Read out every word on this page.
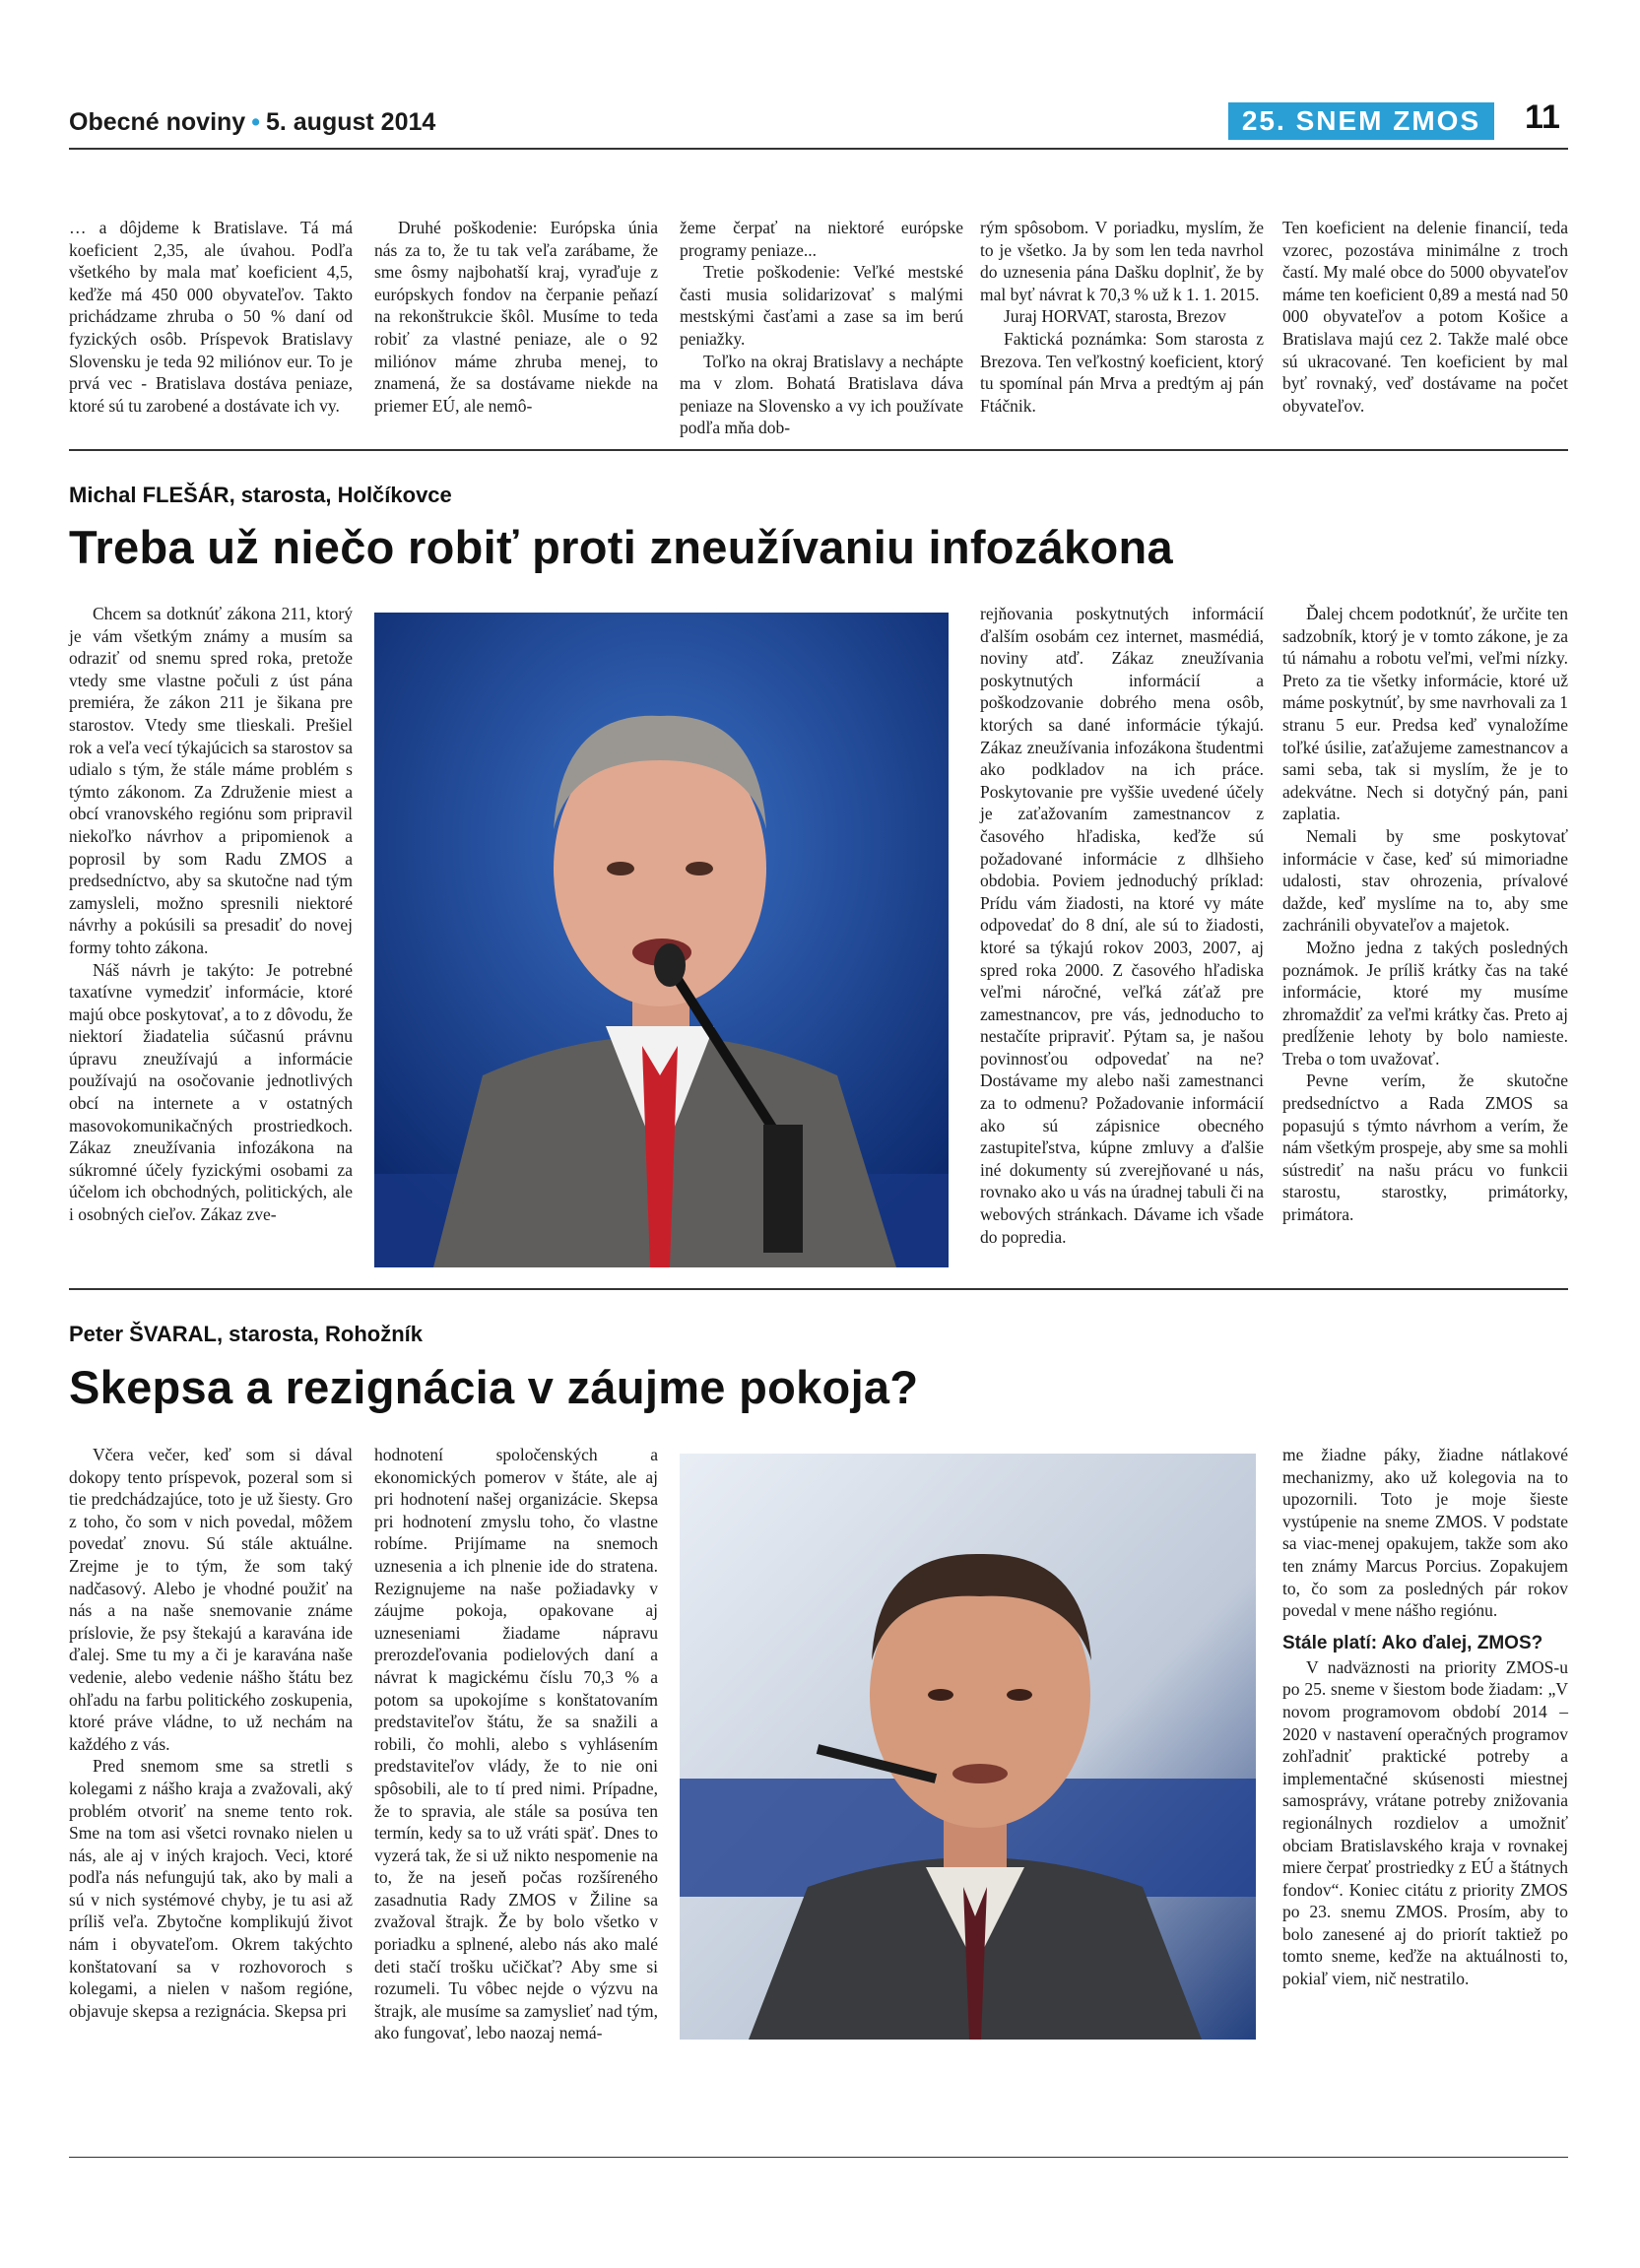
Obecné noviny • 5. august 2014	25. SNEM ZMOS	11

… a dôjdeme k Bratislave. Tá má koeficient 2,35, ale úvahou. Podľa všetkého by mala mať koeficient 4,5, keďže má 450 000 obyvateľov. Takto prichádzame zhruba o 50 % daní od fyzických osôb. Príspevok Bratislavy Slovensku je teda 92 miliónov eur. To je prvá vec - Bratislava dostáva peniaze, ktoré sú tu zarobené a dostávate ich vy.

Druhé poškodenie: Európska únia nás za to, že tu tak veľa zarábame, že sme ôsmy najbohatší kraj, vyraďuje z európskych fondov na čerpanie peňazí na rekonštrukcie škôl. Musíme to teda robiť za vlastné peniaze, ale o 92 miliónov máme zhruba menej, to znamená, že sa dostávame niekde na priemer EÚ, ale nemô-

žeme čerpať na niektoré európske programy peniaze...

Tretie poškodenie: Veľké mestské časti musia solidarizovať s malými mestskými časťami a zase sa im berú peniažky.

Toľko na okraj Bratislavy a nechápte ma v zlom. Bohatá Bratislava dáva peniaze na Slovensko a vy ich používate podľa mňa dob-

rým spôsobom. V poriadku, myslím, že to je všetko. Ja by som len teda navrhol do uznesenia pána Dašku doplniť, že by mal byť návrat k 70,3 % už k 1. 1. 2015.

Juraj HORVAT, starosta, Brezov

Faktická poznámka: Som starosta z Brezova. Ten veľkostný koeficient, ktorý tu spomínal pán Mrva a predtým aj pán Ftáčnik.

Ten koeficient na delenie financií, teda vzorec, pozostáva minimálne z troch častí. My malé obce do 5000 obyvateľov máme ten koeficient 0,89 a mestá nad 50 000 obyvateľov a potom Košice a Bratislava majú cez 2. Takže malé obce sú ukracované. Ten koeficient by mal byť rovnaký, veď dostávame na počet obyvateľov.

Michal FLEŠÁR, starosta, Holčíkovce
Treba už niečo robiť proti zneužívaniu infozákona

Chcem sa dotknúť zákona 211, ktorý je vám všetkým známy a musím sa odraziť od snemu spred roka, pretože vtedy sme vlastne počuli z úst pána premiéra, že zákon 211 je šikana pre starostov. Vtedy sme tlieskali. Prešiel rok a veľa vecí týkajúcich sa starostov sa udialo s tým, že stále máme problém s týmto zákonom. Za Združenie miest a obcí vranovského regiónu som pripravil niekoľko návrhov a pripomienok a poprosil by som Radu ZMOS a predsedníctvo, aby sa skutočne nad tým zamysleli, možno spresnili niektoré návrhy a pokúsili sa presadiť do novej formy tohto zákona.

Náš návrh je takýto: Je potrebné taxatívne vymedziť informácie, ktoré majú obce poskytovať, a to z dôvodu, že niektorí žiadatelia súčasnú právnu úpravu zneužívajú a informácie používajú na osočovanie jednotlivých obcí na internete a v ostatných masovokomunikačných prostriedkoch. Zákaz zneužívania infozákona na súkromné účely fyzickými osobami za účelom ich obchodných, politických, ale i osobných cieľov. Zákaz zve-

rejňovania poskytnutých informácií ďalším osobám cez internet, masmédiá, noviny atď. Zákaz zneužívania poskytnutých informácií a poškodzovanie dobrého mena osôb, ktorých sa dané informácie týkajú. Zákaz zneužívania infozákona študentmi ako podkladov na ich práce. Poskytovanie pre vyššie uvedené účely je zaťažovaním zamestnancov z časového hľadiska, keďže sú požadované informácie z dlhšieho obdobia. Poviem jednoduchý príklad: Prídu vám žiadosti, na ktoré vy máte odpovedať do 8 dní, ale sú to žiadosti, ktoré sa týkajú rokov 2003, 2007, aj spred roka 2000. Z časového hľadiska veľmi náročné, veľká záťaž pre zamestnancov, pre vás, jednoducho to nestačíte pripraviť. Pýtam sa, je našou povinnosťou odpovedať na ne? Dostávame my alebo naši zamestnanci za to odmenu? Požadovanie informácií ako sú zápisnice obecného zastupiteľstva, kúpne zmluvy a ďalšie iné dokumenty sú zverejňované u nás, rovnako ako u vás na úradnej tabuli či na webových stránkach. Dávame ich všade do popredia.

Ďalej chcem podotknúť, že určite ten sadzobník, ktorý je v tomto zákone, je za tú námahu a robotu veľmi, veľmi nízky. Preto za tie všetky informácie, ktoré už máme poskytnúť, by sme navrhovali za 1 stranu 5 eur. Predsa keď vynaložíme toľké úsilie, zaťažujeme zamestnancov a sami seba, tak si myslím, že je to adekvátne. Nech si dotyčný pán, pani zaplatia.

Nemali by sme poskytovať informácie v čase, keď sú mimoriadne udalosti, stav ohrozenia, prívalové dažde, keď myslíme na to, aby sme zachránili obyvateľov a majetok.

Možno jedna z takých posledných poznámok. Je príliš krátky čas na také informácie, ktoré my musíme zhromaždiť za veľmi krátky čas. Preto aj predĺženie lehoty by bolo namieste. Treba o tom uvažovať.

Pevne verím, že skutočne predsedníctvo a Rada ZMOS sa popasujú s týmto návrhom a verím, že nám všetkým prospeje, aby sme sa mohli sústrediť na našu prácu vo funkcii starostu, starostky, primátorky, primátora.

Peter ŠVARAL, starosta, Rohožník
Skepsa a rezignácia v záujme pokoja?

Včera večer, keď som si dával dokopy tento príspevok, pozeral som si tie predchádzajúce, toto je už šiesty. Gro z toho, čo som v nich povedal, môžem povedať znovu. Sú stále aktuálne. Zrejme je to tým, že som taký nadčasový. Alebo je vhodné použiť na nás a na naše snemovanie známe príslovie, že psy štekajú a karavána ide ďalej. Sme tu my a či je karavána naše vedenie, alebo vedenie nášho štátu bez ohľadu na farbu politického zoskupenia, ktoré práve vládne, to už nechám na každého z vás.

Pred snemom sme sa stretli s kolegami z nášho kraja a zvažovali, aký problém otvoriť na sneme tento rok. Sme na tom asi všetci rovnako nielen u nás, ale aj v iných krajoch. Veci, ktoré podľa nás nefungujú tak, ako by mali a sú v nich systémové chyby, je tu asi až príliš veľa. Zbytočne komplikujú život nám i obyvateľom. Okrem takýchto konštatovaní sa v rozhovoroch s kolegami, a nielen v našom regióne, objavuje skepsa a rezignácia. Skepsa pri

hodnotení spoločenských a ekonomických pomerov v štáte, ale aj pri hodnotení našej organizácie. Skepsa pri hodnotení zmyslu toho, čo vlastne robíme. Prijímame na snemoch uznesenia a ich plnenie ide do stratena. Rezignujeme na naše požiadavky v záujme pokoja, opakovane aj uzneseniami žiadame nápravu prerozdeľovania podielových daní a návrat k magickému číslu 70,3 % a potom sa upokojíme s konštatovaním predstaviteľov štátu, že sa snažili a robili, čo mohli, alebo s vyhlásením predstaviteľov vlády, že to nie oni spôsobili, ale to tí pred nimi. Prípadne, že to spravia, ale stále sa posúva ten termín, kedy sa to už vráti späť. Dnes to vyzerá tak, že si už nikto nespomenie na to, že na jeseň počas rozšíreného zasadnutia Rady ZMOS v Žiline sa zvažoval štrajk. Že by bolo všetko v poriadku a splnené, alebo nás ako malé deti stačí trošku učičkať? Aby sme si rozumeli. Tu vôbec nejde o výzvu na štrajk, ale musíme sa zamyslieť nad tým, ako fungovať, lebo naozaj nemá-

me žiadne páky, žiadne nátlakové mechanizmy, ako už kolegovia na to upozornili. Toto je moje šieste vystúpenie na sneme ZMOS. V podstate sa viac-menej opakujem, takže som ako ten známy Marcus Porcius. Zopakujem to, čo som za posledných pár rokov povedal v mene nášho regiónu.

Stále platí: Ako ďalej, ZMOS?

V nadväznosti na priority ZMOS-u po 25. sneme v šiestom bode žiadam: „V novom programovom období 2014 – 2020 v nastavení operačných programov zohľadniť praktické potreby a implementačné skúsenosti miestnej samosprávy, vrátane potreby znižovania regionálnych rozdielov a umožniť obciam Bratislavského kraja v rovnakej miere čerpať prostriedky z EÚ a štátnych fondov“. Koniec citátu z priority ZMOS po 23. snemu ZMOS. Prosím, aby to bolo zanesené aj do priorít taktiež po tomto sneme, keďže na aktuálnosti to, pokiaľ viem, nič nestratilo.
